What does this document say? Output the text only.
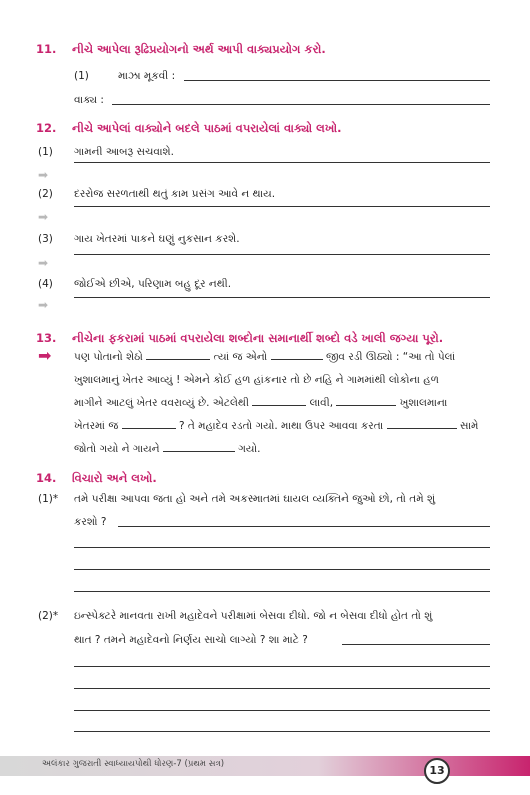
11. નીચે આપેલા રૂઢિપ્રયોગનો અર્થ આપી વાક્યપ્રયોગ કરો.
(1)	માઝા મૂકવી :
વાક્ય :
12. નીચે આપેલાં વાક્યોને બદલે પાઠમાં વપરાયેલાં વાક્યો લખો.
(1) ગામની આબરૂ સચવાશે.
➡
(2) દરરોજ સરળતાથી થતું કામ પ્રસંગ આવે ન થાય.
➡
(3) ગાય ખેતરમાં પાકને ઘણું નુકસાન કરશે.
➡
(4) જોઈએ છીએ, પરિણામ બહુ દૂર નથી.
➡
13. નીચેના ફકરામાં પાઠમાં વપરાયેલા શબ્દોના સમાનાર્થી શબ્દો વડે ખાલી જગ્યા પૂરો.
➡ પણ પોતાનો શેઠો	ત્યાં જ એનો	જીવ રડી ઊઠ્યો : “આ તો પેલાં
ખુશાલમાનું ખેતર આવ્યું ! એમને કોઈ હળ હાંકનાર તો છે નહિ ને ગામમાંથી લોકોના હળ
માગીને આટલું ખેતર વવરાવ્યું છે. એટલેથી	લાવી,	ખુશાલમાના
ખેતરમાં જ	? તે મહાદેવ રડતો ગયો. માથા ઉપર આવવા કરતા	સામે
જોતો ગયો ને ગાયને	ગયો.
14. વિચારો અને લખો.
(1)* તમે પરીક્ષા આપવા જતા હો અને તમે અકસ્માતમાં ઘાયલ વ્યક્તિને જુઓ છો, તો તમે શું
કરશો ?
(2)* ઇન્સ્પેક્ટરે માનવતા રાખી મહાદેવને પરીક્ષામાં બેસવા દીધો. જો ન બેસવા દીધો હોત તો શું
થાત ? તમને મહાદેવનો નિર્ણય સાચો લાગ્યો ? શા માટે ?
અલંકાર ગુજરાતી સ્વાધ્યાયપોથી ધોરણ-7 (પ્રથમ સત્ર)	13
